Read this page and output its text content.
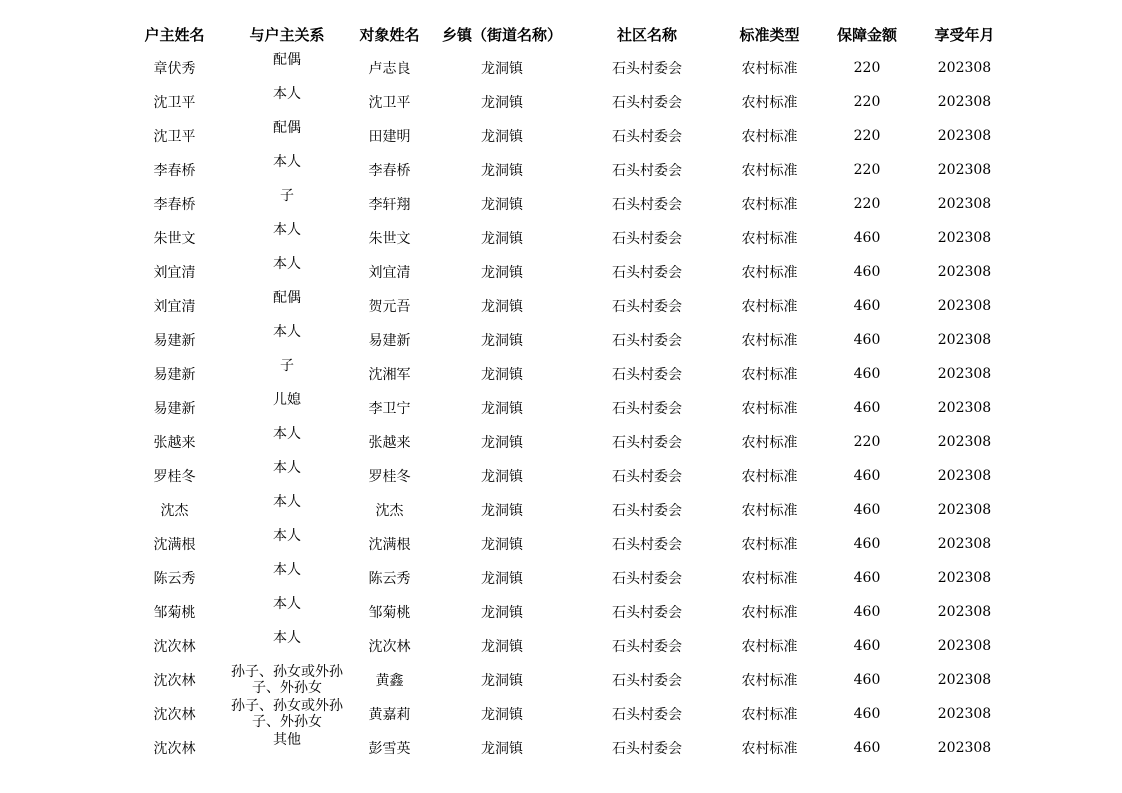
户主姓名	与户主关系	对象姓名	乡镇（街道名称）	社区名称	标准类型	保障金额	享受年月
章伏秀	配偶	卢志良	龙洞镇	石头村委会	农村标准	220	202308
沈卫平	本人	沈卫平	龙洞镇	石头村委会	农村标准	220	202308
沈卫平	配偶	田建明	龙洞镇	石头村委会	农村标准	220	202308
李春桥	本人	李春桥	龙洞镇	石头村委会	农村标准	220	202308
李春桥	子	李轩翔	龙洞镇	石头村委会	农村标准	220	202308
朱世文	本人	朱世文	龙洞镇	石头村委会	农村标准	460	202308
刘宜清	本人	刘宜清	龙洞镇	石头村委会	农村标准	460	202308
刘宜清	配偶	贺元吾	龙洞镇	石头村委会	农村标准	460	202308
易建新	本人	易建新	龙洞镇	石头村委会	农村标准	460	202308
易建新	子	沈湘军	龙洞镇	石头村委会	农村标准	460	202308
易建新	儿媳	李卫宁	龙洞镇	石头村委会	农村标准	460	202308
张越来	本人	张越来	龙洞镇	石头村委会	农村标准	220	202308
罗桂冬	本人	罗桂冬	龙洞镇	石头村委会	农村标准	460	202308
沈杰	本人	沈杰	龙洞镇	石头村委会	农村标准	460	202308
沈满根	本人	沈满根	龙洞镇	石头村委会	农村标准	460	202308
陈云秀	本人	陈云秀	龙洞镇	石头村委会	农村标准	460	202308
邹菊桃	本人	邹菊桃	龙洞镇	石头村委会	农村标准	460	202308
沈次林	本人	沈次林	龙洞镇	石头村委会	农村标准	460	202308
沈次林	孙子、孙女或外孙子、外孙女	黄鑫	龙洞镇	石头村委会	农村标准	460	202308
沈次林	孙子、孙女或外孙子、外孙女	黄嘉莉	龙洞镇	石头村委会	农村标准	460	202308
沈次林	其他	彭雪英	龙洞镇	石头村委会	农村标准	460	202308
